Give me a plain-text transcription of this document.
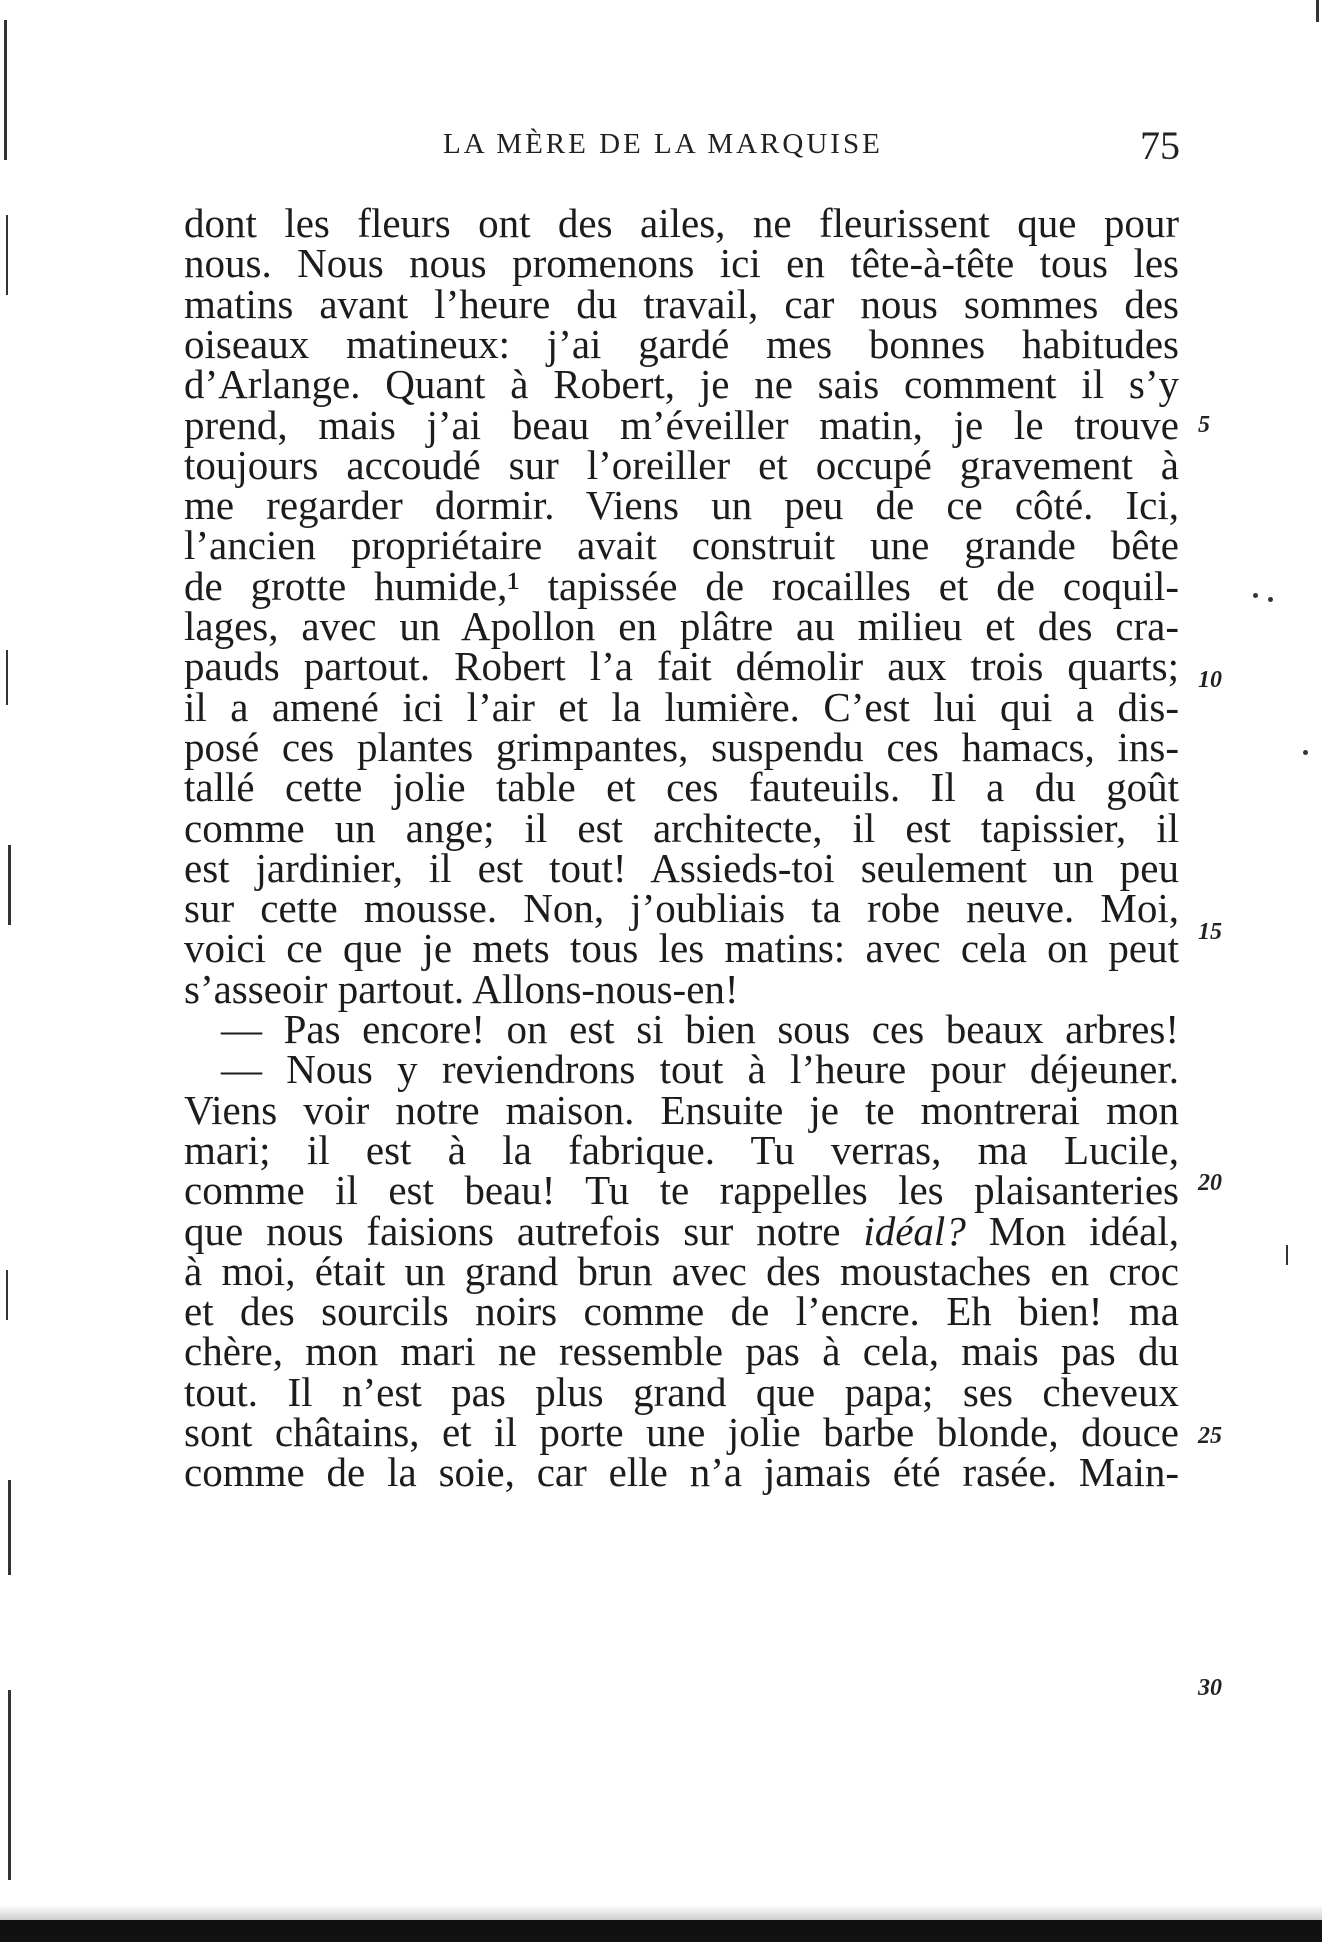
LA MÈRE DE LA MARQUISE	75
dont les fleurs ont des ailes, ne fleurissent que pour
nous. Nous nous promenons ici en tête-à-tête tous les
matins avant l’heure du travail, car nous sommes des
oiseaux matineux: j’ai gardé mes bonnes habitudes
d’Arlange. Quant à Robert, je ne sais comment il s’y
prend, mais j’ai beau m’éveiller matin, je le trouve
toujours accoudé sur l’oreiller et occupé gravement à
me regarder dormir. Viens un peu de ce côté. Ici,
l’ancien propriétaire avait construit une grande bête
de grotte humide,¹ tapissée de rocailles et de coquil-
lages, avec un Apollon en plâtre au milieu et des cra-
pauds partout. Robert l’a fait démolir aux trois quarts;
il a amené ici l’air et la lumière. C’est lui qui a dis-
posé ces plantes grimpantes, suspendu ces hamacs, ins-
tallé cette jolie table et ces fauteuils. Il a du goût
comme un ange; il est architecte, il est tapissier, il
est jardinier, il est tout! Assieds-toi seulement un peu
sur cette mousse. Non, j’oubliais ta robe neuve. Moi,
voici ce que je mets tous les matins: avec cela on peut
s’asseoir partout. Allons-nous-en!
— Pas encore! on est si bien sous ces beaux arbres!
— Nous y reviendrons tout à l’heure pour déjeuner.
Viens voir notre maison. Ensuite je te montrerai mon
mari; il est à la fabrique. Tu verras, ma Lucile,
comme il est beau! Tu te rappelles les plaisanteries
que nous faisions autrefois sur notre idéal? Mon idéal,
à moi, était un grand brun avec des moustaches en croc
et des sourcils noirs comme de l’encre. Eh bien! ma
chère, mon mari ne ressemble pas à cela, mais pas du
tout. Il n’est pas plus grand que papa; ses cheveux
sont châtains, et il porte une jolie barbe blonde, douce
comme de la soie, car elle n’a jamais été rasée. Main-
5
10
15
20
25
30
